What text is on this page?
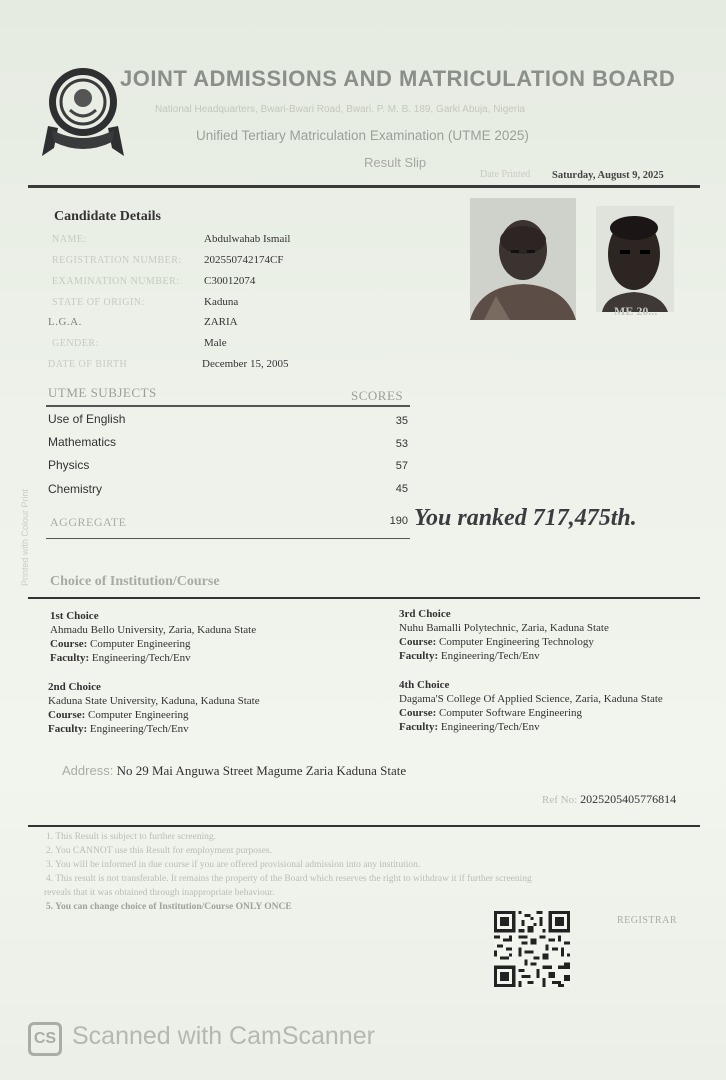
JOINT ADMISSIONS AND MATRICULATION BOARD
National Headquarters, Bwari-Bwari Road, Bwari. P. M. B. 189, Garki Abuja, Nigeria
Unified Tertiary Matriculation Examination (UTME 2025)
Result Slip
Date Printed Saturday, August 9, 2025
Candidate Details
NAME:	Abdulwahab Ismail
REGISTRATION NUMBER: 202550742174CF
EXAMINATION NUMBER: C30012074
STATE OF ORIGIN:	Kaduna
L.G.A.	ZARIA
GENDER:	Male
DATE OF BIRTH	December 15, 2005
ME 20...
Printed with Colour Print
UTME SUBJECTS	SCORES
Use of English	35
Mathematics	53
Physics	57
Chemistry	45
AGGREGATE	190 You ranked 717,475th.
Choice of Institution/Course
1st Choice
Ahmadu Bello University, Zaria, Kaduna State
Course: Computer Engineering
Faculty: Engineering/Tech/Env
2nd Choice
Kaduna State University, Kaduna, Kaduna State
Course: Computer Engineering
Faculty: Engineering/Tech/Env
3rd Choice
Nuhu Bamalli Polytechnic, Zaria, Kaduna State
Course: Computer Engineering Technology
Faculty: Engineering/Tech/Env
4th Choice
Dagama'S College Of Applied Science, Zaria, Kaduna State
Course: Computer Software Engineering
Faculty: Engineering/Tech/Env
Address: No 29 Mai Anguwa Street Magume Zaria Kaduna State
Ref No: 2025205405776814
1. This Result is subject to further screening.
2. You CANNOT use this Result for employment purposes.
3. You will be informed in due course if you are offered provisional admission into any institution.
4. This result is not transferable. It remains the property of the Board which reserves the right to withdraw it if further screening
reveals that it was obtained through inappropriate behaviour.
5. You can change choice of Institution/Course ONLY ONCE
REGISTRAR
CS Scanned with CamScanner
